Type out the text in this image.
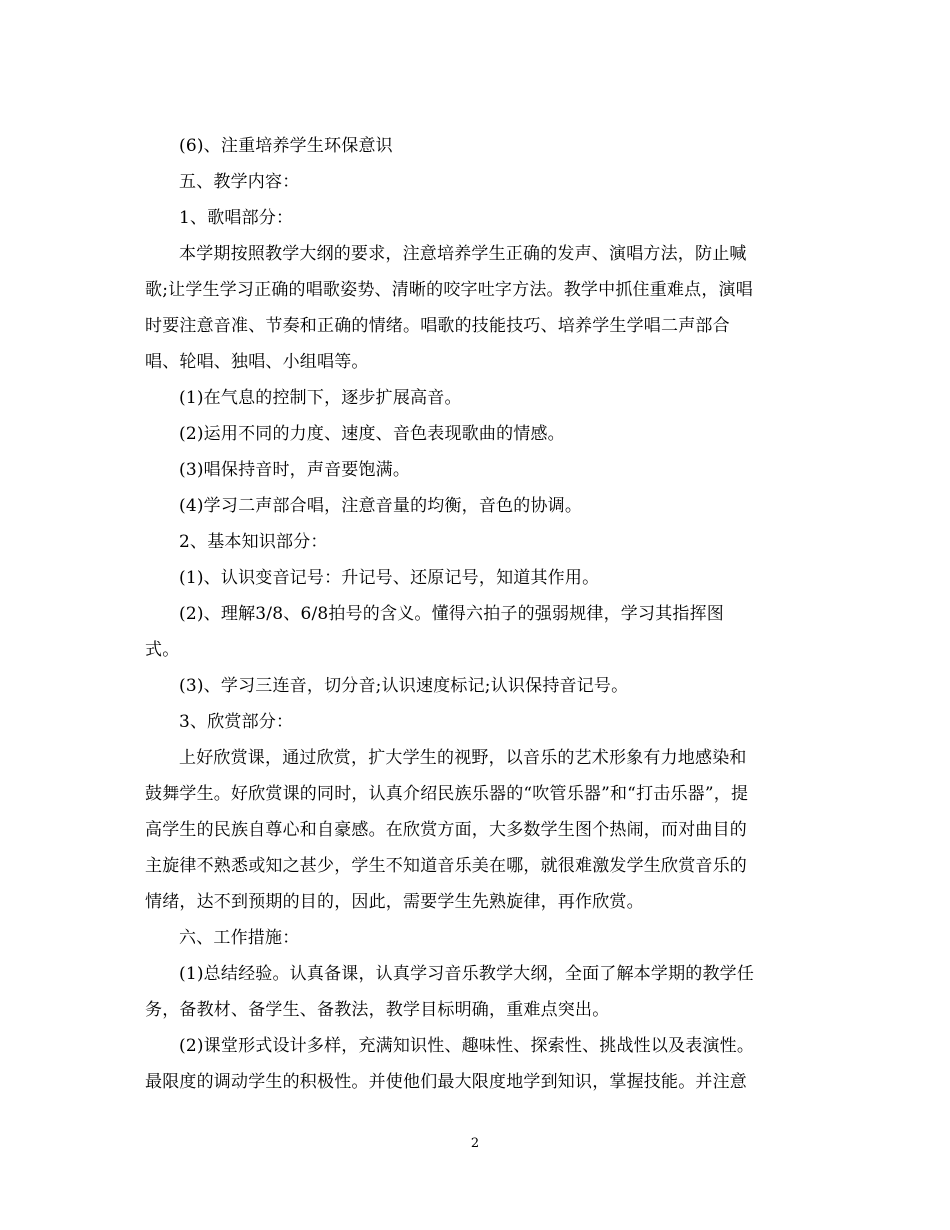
(6)、注重培养学生环保意识

五、教学内容：

1、歌唱部分：

本学期按照教学大纲的要求，注意培养学生正确的发声、演唱方法，防止喊
歌;让学生学习正确的唱歌姿势、清晰的咬字吐字方法。教学中抓住重难点，演唱
时要注意音准、节奏和正确的情绪。唱歌的技能技巧、培养学生学唱二声部合
唱、轮唱、独唱、小组唱等。

(1)在气息的控制下，逐步扩展高音。

(2)运用不同的力度、速度、音色表现歌曲的情感。

(3)唱保持音时，声音要饱满。

(4)学习二声部合唱，注意音量的均衡，音色的协调。

2、基本知识部分：

(1)、认识变音记号：升记号、还原记号，知道其作用。

(2)、理解3/8、6/8拍号的含义。懂得六拍子的强弱规律，学习其指挥图
式。

(3)、学习三连音，切分音;认识速度标记;认识保持音记号。

3、欣赏部分：

上好欣赏课，通过欣赏，扩大学生的视野，以音乐的艺术形象有力地感染和
鼓舞学生。好欣赏课的同时，认真介绍民族乐器的“吹管乐器”和“打击乐器”，提
高学生的民族自尊心和自豪感。在欣赏方面，大多数学生图个热闹，而对曲目的
主旋律不熟悉或知之甚少，学生不知道音乐美在哪，就很难激发学生欣赏音乐的
情绪，达不到预期的目的，因此，需要学生先熟旋律，再作欣赏。

六、工作措施：

(1)总结经验。认真备课，认真学习音乐教学大纲，全面了解本学期的教学任
务，备教材、备学生、备教法，教学目标明确，重难点突出。

(2)课堂形式设计多样，充满知识性、趣味性、探索性、挑战性以及表演性。
最限度的调动学生的积极性。并使他们最大限度地学到知识，掌握技能。并注意

2
